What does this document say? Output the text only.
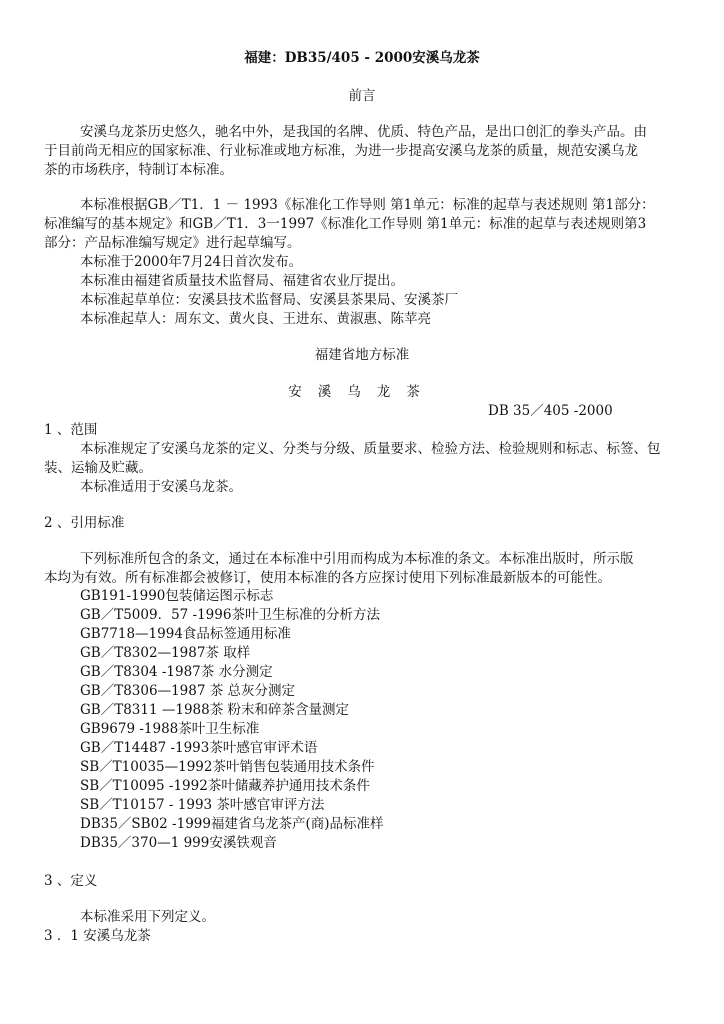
福建：DB35/405 - 2000安溪乌龙茶
前言
安溪乌龙茶历史悠久，驰名中外，是我国的名牌、优质、特色产品，是出口创汇的拳头产品。由
于目前尚无相应的国家标准、行业标准或地方标准，为进一步提高安溪乌龙茶的质量，规范安溪乌龙
茶的市场秩序，特制订本标准。
本标准根据GB／T1．1 － 1993《标准化工作导则 第1单元：标准的起草与表述规则 第1部分：
标准编写的基本规定》和GB／T1．3一1997《标准化工作导则 第1单元：标准的起草与表述规则第3
部分：产品标准编写规定》进行起草编写。
本标准于2000年7月24日首次发布。
本标准由福建省质量技术监督局、福建省农业厅提出。
本标准起草单位：安溪县技术监督局、安溪县茶果局、安溪茶厂
本标准起草人：周东文、黄火良、王进东、黄淑惠、陈苹亮
福建省地方标准
安溪乌龙茶
DB 35／405 -2000
1 、范围
本标准规定了安溪乌龙茶的定义、分类与分级、质量要求、检验方法、检验规则和标志、标签、包
装、运输及贮藏。
本标准适用于安溪乌龙茶。
2 、引用标准
下列标准所包含的条文，通过在本标准中引用而构成为本标准的条文。本标准出版时，所示版
本均为有效。所有标准都会被修订，使用本标准的各方应探讨使用下列标准最新版本的可能性。
GB191-1990包装储运图示标志
GB／T5009．57 -1996茶叶卫生标准的分析方法
GB7718—1994食品标签通用标准
GB／T8302—1987茶 取样
GB／T8304 -1987茶 水分测定
GB／T8306—1987 茶 总灰分测定
GB／T8311 —1988茶 粉末和碎茶含量测定
GB9679 -1988茶叶卫生标准
GB／T14487 -1993茶叶感官审评术语
SB／T10035—1992茶叶销售包装通用技术条件
SB／T10095 -1992茶叶储藏养护通用技术条件
SB／T10157 - 1993 茶叶感官审评方法
DB35／SB02 -1999福建省乌龙茶产(商)品标准样
DB35／370—1 999安溪铁观音
3 、定义
本标准采用下列定义。
3 ．1 安溪乌龙茶
